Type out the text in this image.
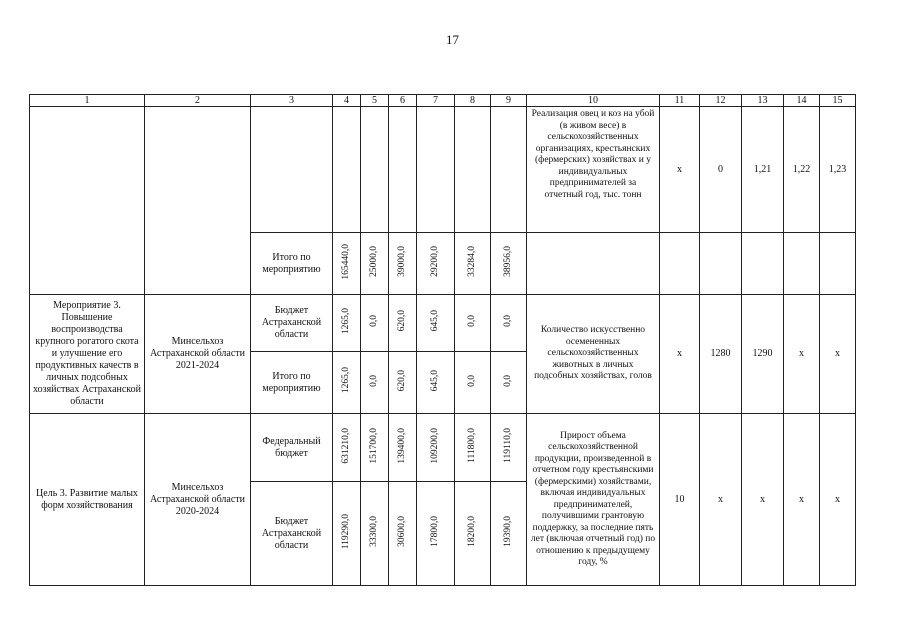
17
1	2	3	4	5	6	7	8	9	10	11	12	13	14	15
									Реализация овец и коз на убой (в живом весе) в сельскохозяйственных организациях, крестьянских (фермерских) хозяйствах и у индивидуальных предпринимателей за отчетный год, тыс. тонн	x	0	1,21	1,22	1,23
		Итого по мероприятию	165440,0	25000,0	39000,0	29200,0	33284,0	38956,0						
Мероприятие 3. Повышение воспроизводства крупного рогатого скота и улучшение его продуктивных качеств в личных подсобных хозяйствах Астраханской области	Минсельхоз Астраханской области 2021-2024	Бюджет Астраханской области	1265,0	0,0	620,0	645,0	0,0	0,0	Количество искусственно осемененных сельскохозяйственных животных в личных подсобных хозяйствах, голов	x	1280	1290	x	x
		Итого по мероприятию	1265,0	0,0	620,0	645,0	0,0	0,0						
Цель 3. Развитие малых форм хозяйствования	Минсельхоз Астраханской области 2020-2024	Федеральный бюджет	631210,0	151700,0	139400,0	109200,0	111800,0	119110,0	Прирост объема сельскохозяйственной продукции, произведенной в отчетном году крестьянскими (фермерскими) хозяйствами, включая индивидуальных предпринимателей, получившими грантовую поддержку, за последние пять лет (включая отчетный год) по отношению к предыдущему году, %	10	x	x	x	x
		Бюджет Астраханской области	119290,0	33300,0	30600,0	17800,0	18200,0	19390,0						
